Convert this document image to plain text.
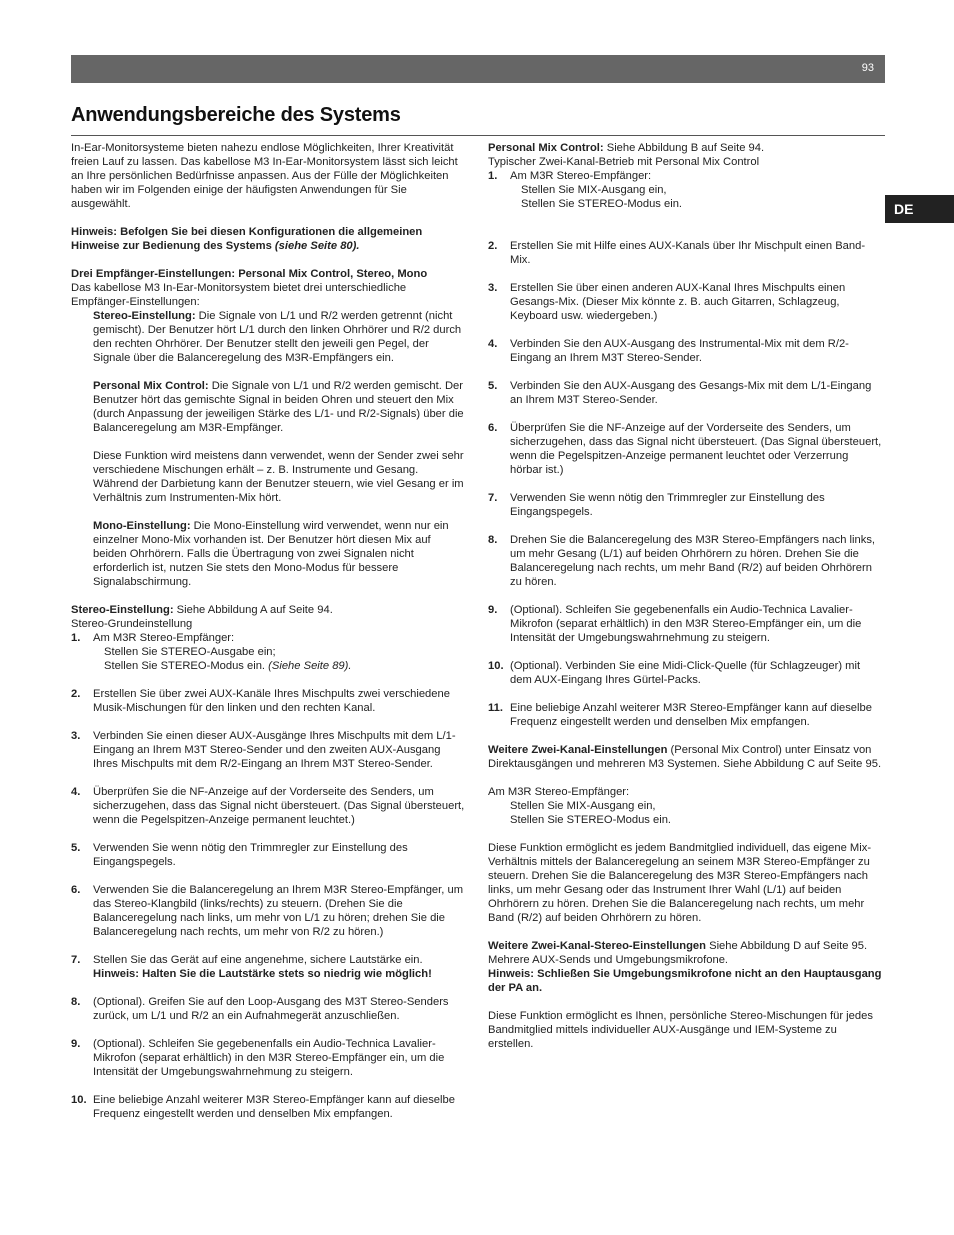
93
Anwendungsbereiche des Systems
DE

In-Ear-Monitorsysteme bieten nahezu endlose Möglichkeiten, Ihrer Kreativität freien Lauf zu lassen. Das kabellose M3 In-Ear-Monitorsystem lässt sich leicht an Ihre persönlichen Bedürfnisse anpassen. Aus der Fülle der Möglichkeiten haben wir im Folgenden einige der häufigsten Anwendungen für Sie ausgewählt.

Hinweis: Befolgen Sie bei diesen Konfigurationen die allgemeinen Hinweise zur Bedienung des Systems (siehe Seite 80).

Drei Empfänger-Einstellungen: Personal Mix Control, Stereo, Mono

Das kabellose M3 In-Ear-Monitorsystem bietet drei unterschiedliche Empfänger-Einstellungen:

Stereo-Einstellung: Die Signale von L/1 und R/2 werden getrennt (nicht gemischt). Der Benutzer hört L/1 durch den linken Ohrhörer und R/2 durch den rechten Ohrhörer. Der Benutzer stellt den jeweili gen Pegel, der Signale über die Balanceregelung des M3R-Empfängers ein.

Personal Mix Control: Die Signale von L/1 und R/2 werden gemischt. Der Benutzer hört das gemischte Signal in beiden Ohren und steuert den Mix (durch Anpassung der jeweiligen Stärke des L/1- und R/2-Signals) über die Balanceregelung am M3R-Empfänger.

Diese Funktion wird meistens dann verwendet, wenn der Sender zwei sehr verschiedene Mischungen erhält – z. B. Instrumente und Gesang. Während der Darbietung kann der Benutzer steuern, wie viel Gesang er im Verhältnis zum Instrumenten-Mix hört.

Mono-Einstellung: Die Mono-Einstellung wird verwendet, wenn nur ein einzelner Mono-Mix vorhanden ist. Der Benutzer hört diesen Mix auf beiden Ohrhörern. Falls die Übertragung von zwei Signalen nicht erforderlich ist, nutzen Sie stets den Mono-Modus für bessere Signalabschirmung.

Stereo-Einstellung: Siehe Abbildung A auf Seite 94.

Stereo-Grundeinstellung

1.	Am M3R Stereo-Empfänger:

Stellen Sie STEREO-Ausgabe ein;

Stellen Sie STEREO-Modus ein. (Siehe Seite 89).

2.	Erstellen Sie über zwei AUX-Kanäle Ihres Mischpults zwei verschiedene Musik-Mischungen für den linken und den rechten Kanal.
3.	Verbinden Sie einen dieser AUX-Ausgänge Ihres Mischpults mit dem L/1-Eingang an Ihrem M3T Stereo-Sender und den zweiten AUX-Ausgang Ihres Mischpults mit dem R/2-Eingang an Ihrem M3T Stereo-Sender.
4.	Überprüfen Sie die NF-Anzeige auf der Vorderseite des Senders, um sicherzugehen, dass das Signal nicht übersteuert. (Das Signal übersteuert, wenn die Pegelspitzen-Anzeige permanent leuchtet.)
5.	Verwenden Sie wenn nötig den Trimmregler zur Einstellung des Eingangspegels.
6.	Verwenden Sie die Balanceregelung an Ihrem M3R Stereo-Empfänger, um das Stereo-Klangbild (links/rechts) zu steuern. (Drehen Sie die Balanceregelung nach links, um mehr von L/1 zu hören; drehen Sie die Balanceregelung nach rechts, um mehr von R/2 zu hören.)
7.	Stellen Sie das Gerät auf eine angenehme, sichere Lautstärke ein.
Hinweis: Halten Sie die Lautstärke stets so niedrig wie möglich!
8.	(Optional). Greifen Sie auf den Loop-Ausgang des M3T Stereo-Senders zurück, um L/1 und R/2 an ein Aufnahmegerät anzuschließen.
9.	(Optional). Schleifen Sie gegebenenfalls ein Audio-Technica Lavalier-Mikrofon (separat erhältlich) in den M3R Stereo-Empfänger ein, um die Intensität der Umgebungswahrnehmung zu steigern.
10. Eine beliebige Anzahl weiterer M3R Stereo-Empfänger kann auf dieselbe Frequenz eingestellt werden und denselben Mix empfangen.

Personal Mix Control: Siehe Abbildung B auf Seite 94.

Typischer Zwei-Kanal-Betrieb mit Personal Mix Control

1.	Am M3R Stereo-Empfänger:

Stellen Sie MIX-Ausgang ein,

Stellen Sie STEREO-Modus ein.

2.	Erstellen Sie mit Hilfe eines AUX-Kanals über Ihr Mischpult einen Band-Mix.
3.	Erstellen Sie über einen anderen AUX-Kanal Ihres Mischpults einen Gesangs-Mix. (Dieser Mix könnte z. B. auch Gitarren, Schlagzeug, Keyboard usw. wiedergeben.)
4.	Verbinden Sie den AUX-Ausgang des Instrumental-Mix mit dem R/2-Eingang an Ihrem M3T Stereo-Sender.
5.	Verbinden Sie den AUX-Ausgang des Gesangs-Mix mit dem L/1-Eingang an Ihrem M3T Stereo-Sender.
6.	Überprüfen Sie die NF-Anzeige auf der Vorderseite des Senders, um sicherzugehen, dass das Signal nicht übersteuert. (Das Signal übersteuert, wenn die Pegelspitzen-Anzeige permanent leuchtet oder Verzerrung hörbar ist.)
7.	Verwenden Sie wenn nötig den Trimmregler zur Einstellung des Eingangspegels.
8.	Drehen Sie die Balanceregelung des M3R Stereo-Empfängers nach links, um mehr Gesang (L/1) auf beiden Ohrhörern zu hören. Drehen Sie die Balanceregelung nach rechts, um mehr Band (R/2) auf beiden Ohrhörern zu hören.
9.	(Optional). Schleifen Sie gegebenenfalls ein Audio-Technica Lavalier-Mikrofon (separat erhältlich) in den M3R Stereo-Empfänger ein, um die Intensität der Umgebungswahrnehmung zu steigern.
10. (Optional). Verbinden Sie eine Midi-Click-Quelle (für Schlagzeuger) mit dem AUX-Eingang Ihres Gürtel-Packs.
11. Eine beliebige Anzahl weiterer M3R Stereo-Empfänger kann auf dieselbe Frequenz eingestellt werden und denselben Mix empfangen.

Weitere Zwei-Kanal-Einstellungen (Personal Mix Control) unter Einsatz von Direktausgängen und mehreren M3 Systemen. Siehe Abbildung C auf Seite 95.

Am M3R Stereo-Empfänger:

Stellen Sie MIX-Ausgang ein,

Stellen Sie STEREO-Modus ein.

Diese Funktion ermöglicht es jedem Bandmitglied individuell, das eigene Mix-Verhältnis mittels der Balanceregelung an seinem M3R Stereo-Empfänger zu steuern. Drehen Sie die Balanceregelung des M3R Stereo-Empfängers nach links, um mehr Gesang oder das Instrument Ihrer Wahl (L/1) auf beiden Ohrhörern zu hören. Drehen Sie die Balanceregelung nach rechts, um mehr Band (R/2) auf beiden Ohrhörern zu hören.

Weitere Zwei-Kanal-Stereo-Einstellungen Siehe Abbildung D auf Seite 95. Mehrere AUX-Sends und Umgebungsmikrofone.

Hinweis: Schließen Sie Umgebungsmikrofone nicht an den Hauptausgang der PA an.

Diese Funktion ermöglicht es Ihnen, persönliche Stereo-Mischungen für jedes Bandmitglied mittels individueller AUX-Ausgänge und IEM-Systeme zu erstellen.
